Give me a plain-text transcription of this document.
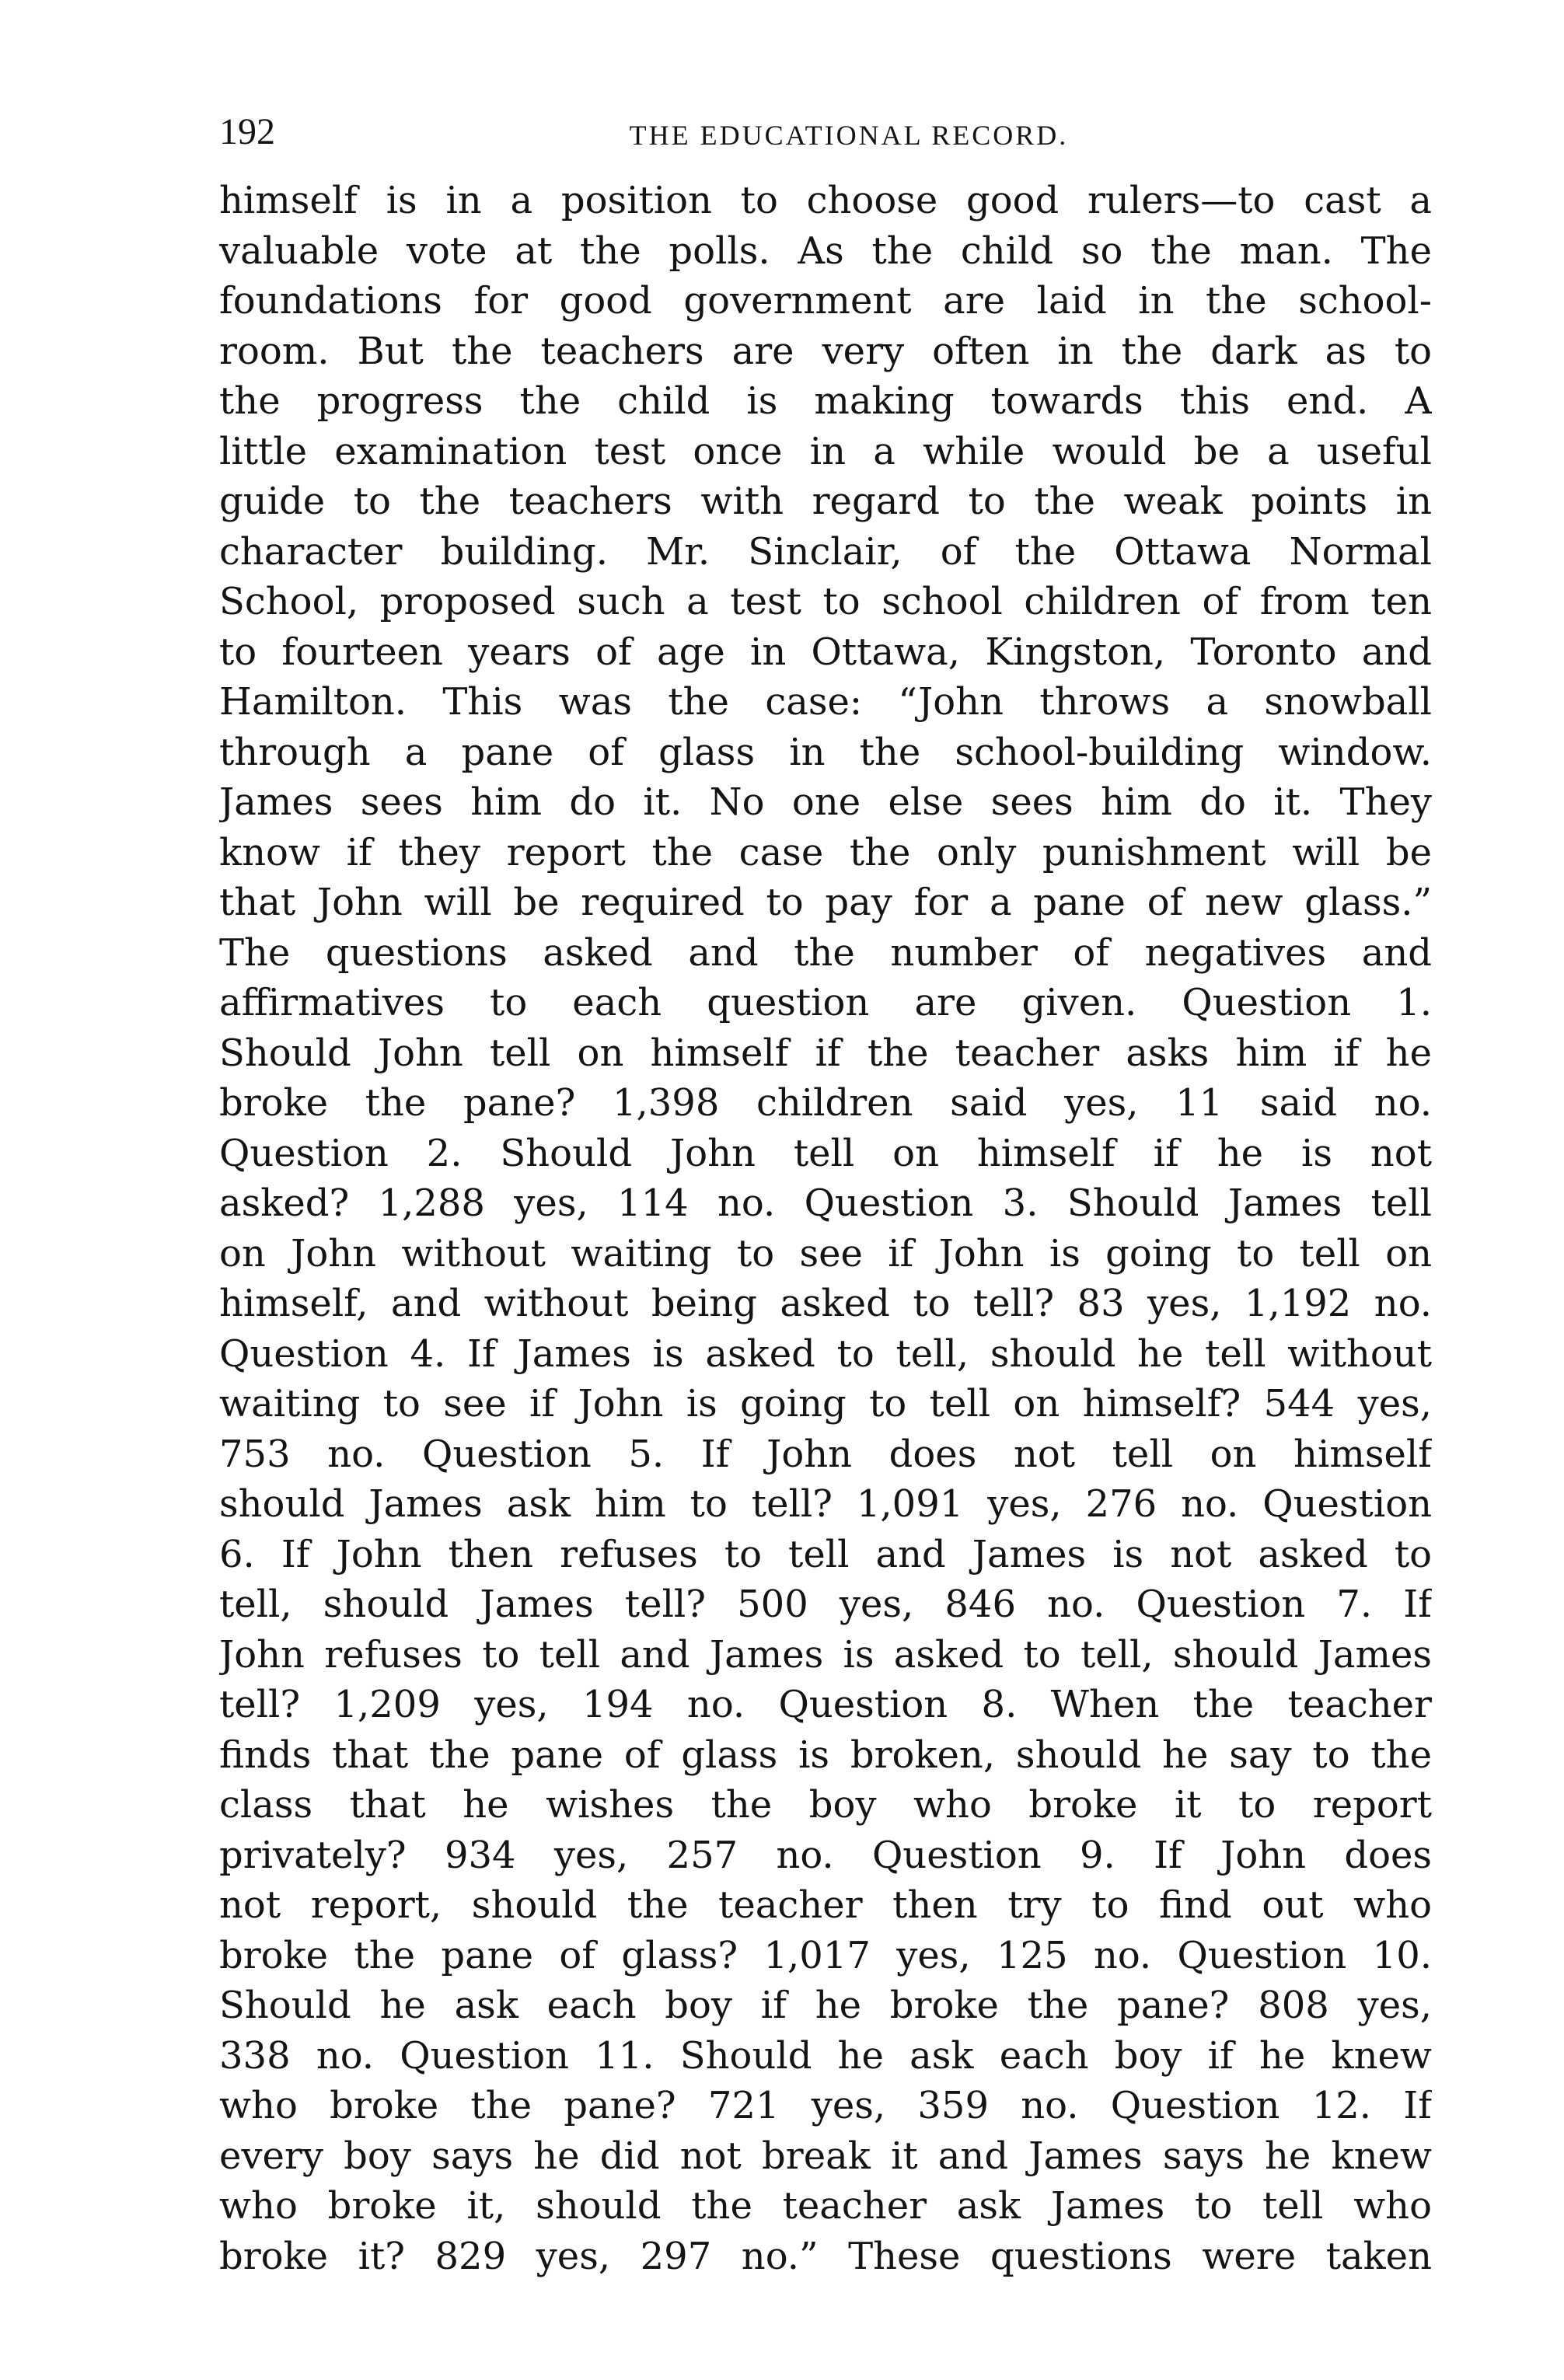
192	THE EDUCATIONAL RECORD.
himself is in a position to choose good rulers—to cast a
valuable vote at the polls. As the child so the man. The
foundations for good government are laid in the school-
room. But the teachers are very often in the dark as to
the progress the child is making towards this end. A
little examination test once in a while would be a useful
guide to the teachers with regard to the weak points in
character building. Mr. Sinclair, of the Ottawa Normal
School, proposed such a test to school children of from ten
to fourteen years of age in Ottawa, Kingston, Toronto and
Hamilton. This was the case: “John throws a snowball
through a pane of glass in the school-building window.
James sees him do it. No one else sees him do it. They
know if they report the case the only punishment will be
that John will be required to pay for a pane of new glass.”
The questions asked and the number of negatives and
affirmatives to each question are given. Question 1.
Should John tell on himself if the teacher asks him if he
broke the pane? 1,398 children said yes, 11 said no.
Question 2. Should John tell on himself if he is not
asked? 1,288 yes, 114 no. Question 3. Should James tell
on John without waiting to see if John is going to tell on
himself, and without being asked to tell? 83 yes, 1,192 no.
Question 4. If James is asked to tell, should he tell without
waiting to see if John is going to tell on himself? 544 yes,
753 no. Question 5. If John does not tell on himself
should James ask him to tell? 1,091 yes, 276 no. Question
6. If John then refuses to tell and James is not asked to
tell, should James tell? 500 yes, 846 no. Question 7. If
John refuses to tell and James is asked to tell, should James
tell? 1,209 yes, 194 no. Question 8. When the teacher
finds that the pane of glass is broken, should he say to the
class that he wishes the boy who broke it to report
privately? 934 yes, 257 no. Question 9. If John does
not report, should the teacher then try to find out who
broke the pane of glass? 1,017 yes, 125 no. Question 10.
Should he ask each boy if he broke the pane? 808 yes,
338 no. Question 11. Should he ask each boy if he knew
who broke the pane? 721 yes, 359 no. Question 12. If
every boy says he did not break it and James says he knew
who broke it, should the teacher ask James to tell who
broke it? 829 yes, 297 no.” These questions were taken
